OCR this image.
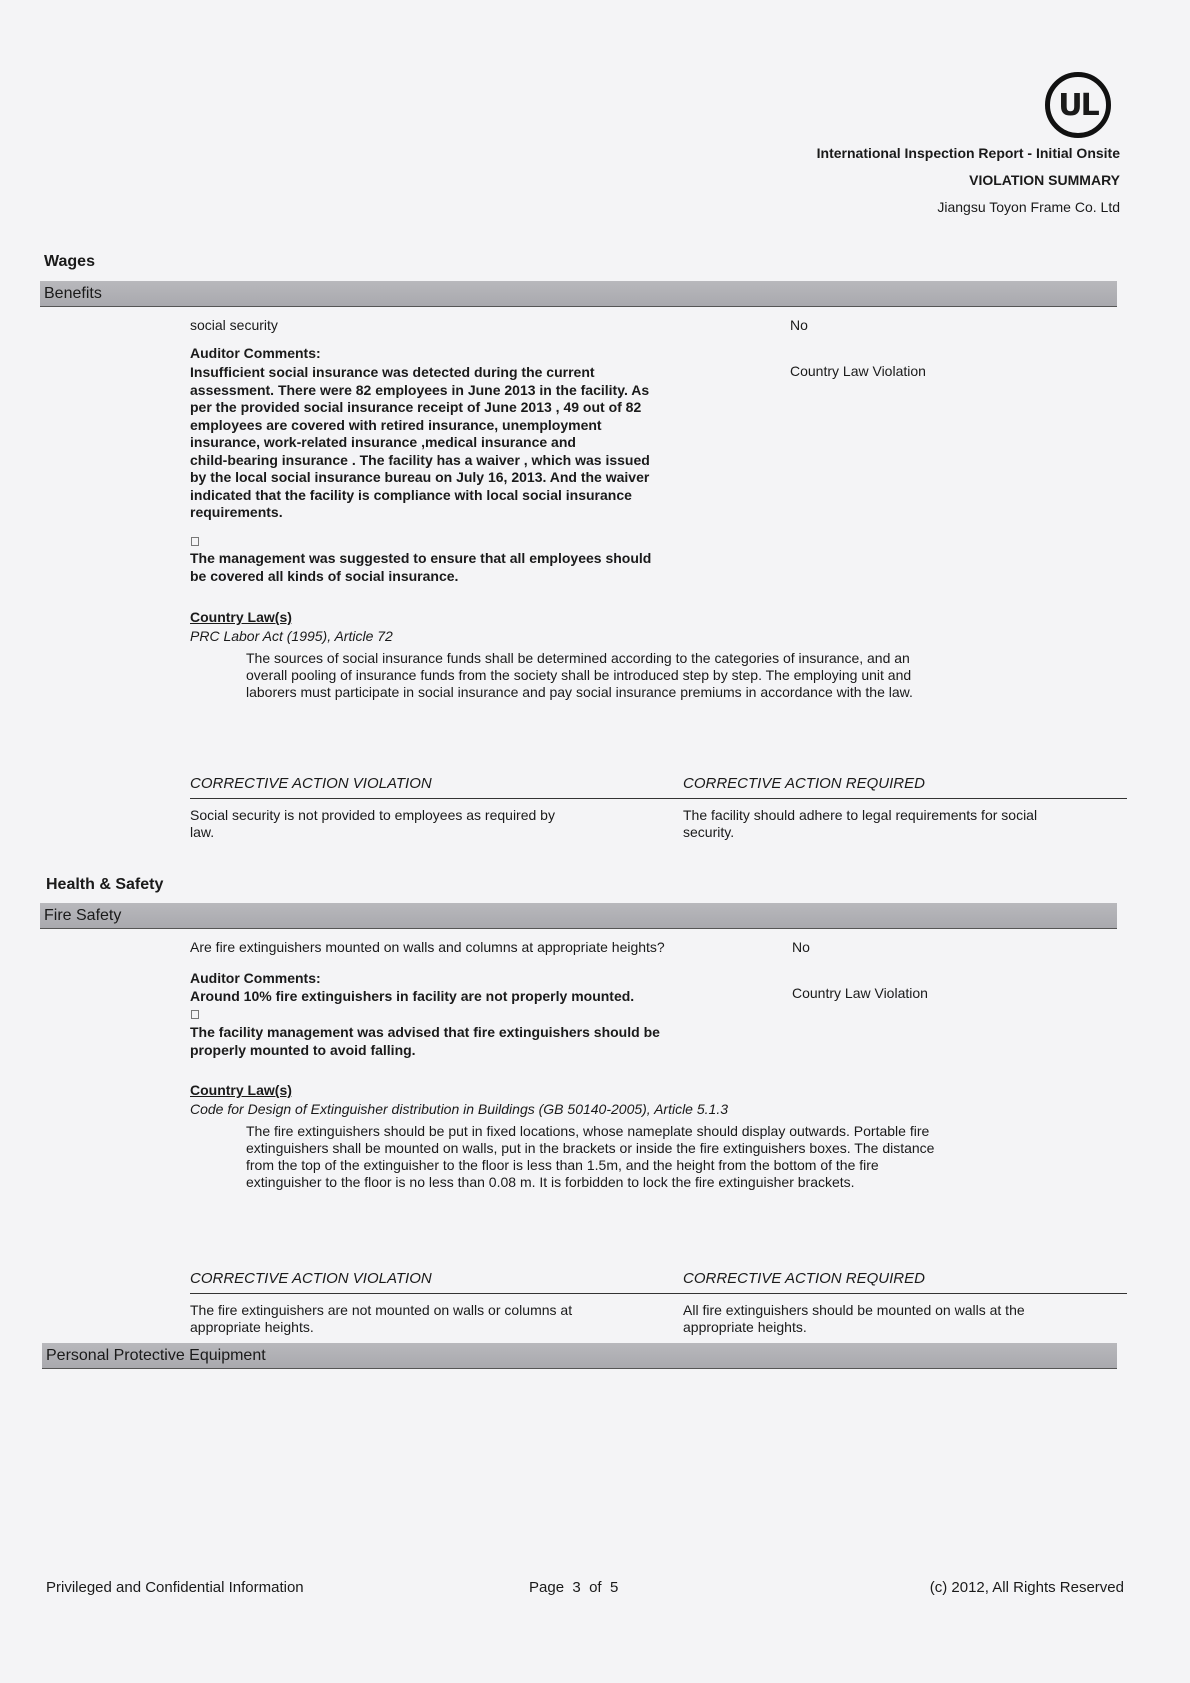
UL
International Inspection Report - Initial Onsite
VIOLATION SUMMARY
Jiangsu Toyon Frame Co. Ltd
Wages
Benefits
social security	No
Country Law Violation
Auditor Comments:
Insufficient social insurance was detected during the current
assessment. There were 82 employees in June 2013 in the facility. As
per the provided social insurance receipt of June 2013 , 49 out of 82
employees are covered with retired insurance, unemployment
insurance, work-related insurance ,medical insurance and
child-bearing insurance . The facility has a waiver , which was issued
by the local social insurance bureau on July 16, 2013. And the waiver
indicated that the facility is compliance with local social insurance
requirements.
The management was suggested to ensure that all employees should
be covered all kinds of social insurance.
Country Law(s)
PRC Labor Act (1995), Article 72
The sources of social insurance funds shall be determined according to the categories of insurance, and an
overall pooling of insurance funds from the society shall be introduced step by step. The employing unit and
laborers must participate in social insurance and pay social insurance premiums in accordance with the law.
CORRECTIVE ACTION VIOLATION	CORRECTIVE ACTION REQUIRED
Social security is not provided to employees as required by
law.
The facility should adhere to legal requirements for social
security.
Health & Safety
Fire Safety
Are fire extinguishers mounted on walls and columns at appropriate heights?	No
Country Law Violation
Auditor Comments:
Around 10% fire extinguishers in facility are not properly mounted.
The facility management was advised that fire extinguishers should be
properly mounted to avoid falling.
Country Law(s)
Code for Design of Extinguisher distribution in Buildings (GB 50140-2005), Article 5.1.3
The fire extinguishers should be put in fixed locations, whose nameplate should display outwards. Portable fire
extinguishers shall be mounted on walls, put in the brackets or inside the fire extinguishers boxes. The distance
from the top of the extinguisher to the floor is less than 1.5m, and the height from the bottom of the fire
extinguisher to the floor is no less than 0.08 m. It is forbidden to lock the fire extinguisher brackets.
CORRECTIVE ACTION VIOLATION	CORRECTIVE ACTION REQUIRED
The fire extinguishers are not mounted on walls or columns at
appropriate heights.
All fire extinguishers should be mounted on walls at the
appropriate heights.
Personal Protective Equipment
Privileged and Confidential Information	Page 3 of 5	(c) 2012, All Rights Reserved
